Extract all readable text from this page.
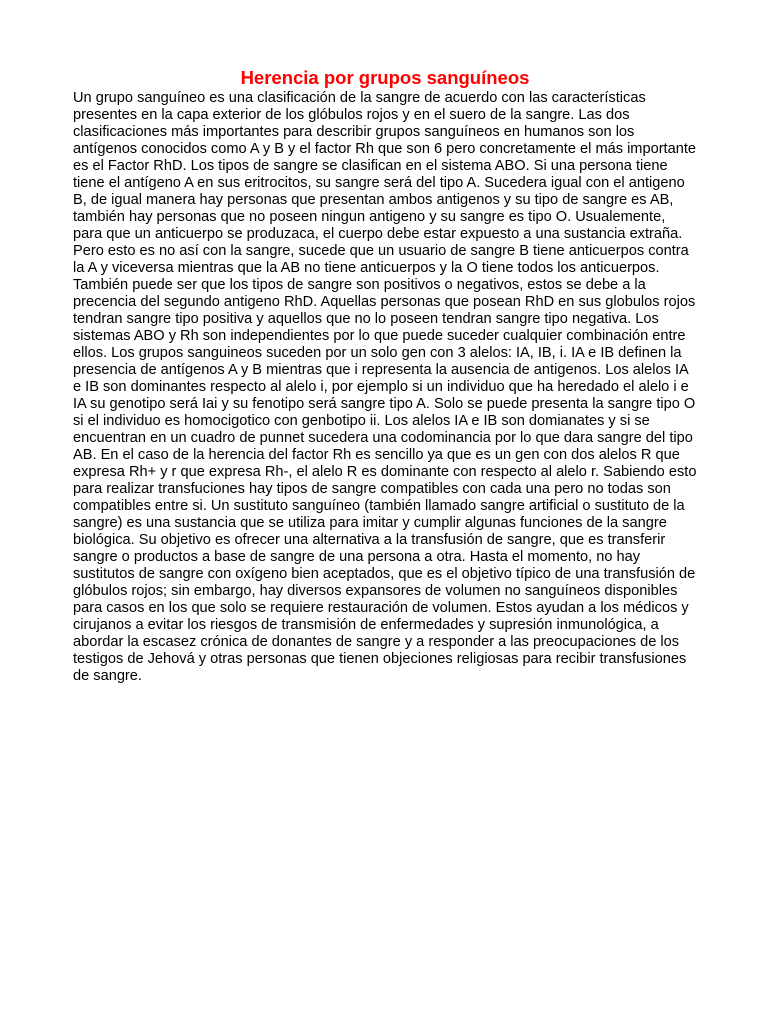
Herencia por grupos sanguíneos

Un grupo sanguíneo es una clasificación de la sangre de acuerdo con las características presentes en la capa exterior de los glóbulos rojos y en el suero de la sangre. Las dos clasificaciones más importantes para describir grupos sanguíneos en humanos son los antígenos conocidos como A y B y el factor Rh que son 6 pero concretamente el más importante es el Factor RhD. Los tipos de sangre se clasifican en el sistema ABO. Si una persona tiene tiene el antígeno A en sus eritrocitos, su sangre será del tipo A. Sucedera igual con el antigeno B, de igual manera hay personas que presentan ambos antigenos y su tipo de sangre es AB, también hay personas que no poseen ningun antigeno y su sangre es tipo O. Usualemente, para que un anticuerpo se produzaca, el cuerpo debe estar expuesto a una sustancia extraña. Pero esto es no así con la sangre, sucede que un usuario de sangre B tiene anticuerpos contra la A y viceversa mientras que la AB no tiene anticuerpos y la O tiene todos los anticuerpos. También puede ser que los tipos de sangre son positivos o negativos, estos se debe a la precencia del segundo antigeno RhD. Aquellas personas que posean RhD en sus globulos rojos tendran sangre tipo positiva y aquellos que no lo poseen tendran sangre tipo negativa. Los sistemas ABO y Rh son independientes por lo que puede suceder cualquier combinación entre ellos. Los grupos sanguineos suceden por un solo gen con 3 alelos: IA, IB, i. IA e IB definen la presencia de antígenos A y B mientras que i representa la ausencia de antigenos. Los alelos IA e IB son dominantes respecto al alelo i, por ejemplo si un individuo que ha heredado el alelo i e IA su genotipo será Iai y su fenotipo será sangre tipo A. Solo se puede presenta la sangre tipo O si el individuo es homocigotico con genbotipo ii. Los alelos IA e IB son domianates y si se encuentran en un cuadro de punnet sucedera una codominancia por lo que dara sangre del tipo AB. En el caso de la herencia del factor Rh es sencillo ya que es un gen con dos alelos R que expresa Rh+ y r que expresa Rh-, el alelo R es dominante con respecto al alelo r. Sabiendo esto para realizar transfuciones hay tipos de sangre compatibles con cada una pero no todas son compatibles entre si. Un sustituto sanguíneo (también llamado sangre artificial o sustituto de la sangre) es una sustancia que se utiliza para imitar y cumplir algunas funciones de la sangre biológica. Su objetivo es ofrecer una alternativa a la transfusión de sangre, que es transferir sangre o productos a base de sangre de una persona a otra. Hasta el momento, no hay sustitutos de sangre con oxígeno bien aceptados, que es el objetivo típico de una transfusión de glóbulos rojos; sin embargo, hay diversos expansores de volumen no sanguíneos disponibles para casos en los que solo se requiere restauración de volumen. Estos ayudan a los médicos y cirujanos a evitar los riesgos de transmisión de enfermedades y supresión inmunológica, a abordar la escasez crónica de donantes de sangre y a responder a las preocupaciones de los testigos de Jehová y otras personas que tienen objeciones religiosas para recibir transfusiones de sangre.
